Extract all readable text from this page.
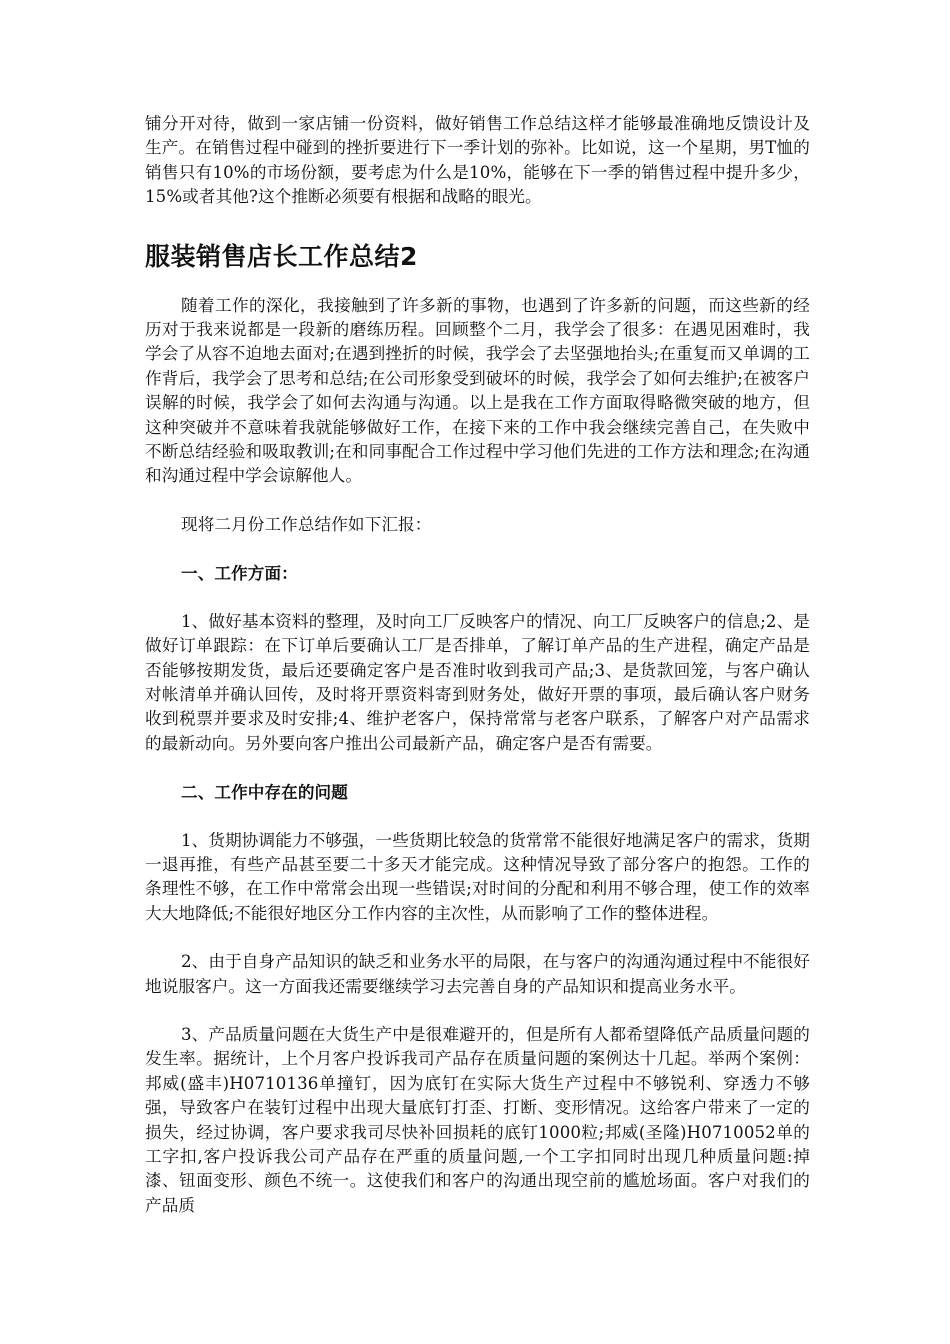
铺分开对待，做到一家店铺一份资料，做好销售工作总结这样才能够最准确地反馈设计及生产。在销售过程中碰到的挫折要进行下一季计划的弥补。比如说，这一个星期，男T恤的销售只有10%的市场份额，要考虑为什么是10%，能够在下一季的销售过程中提升多少，15%或者其他?这个推断必须要有根据和战略的眼光。

服装销售店长工作总结2

随着工作的深化，我接触到了许多新的事物，也遇到了许多新的问题，而这些新的经历对于我来说都是一段新的磨练历程。回顾整个二月，我学会了很多：在遇见困难时，我学会了从容不迫地去面对;在遇到挫折的时候，我学会了去坚强地抬头;在重复而又单调的工作背后，我学会了思考和总结;在公司形象受到破坏的时候，我学会了如何去维护;在被客户误解的时候，我学会了如何去沟通与沟通。以上是我在工作方面取得略微突破的地方，但这种突破并不意味着我就能够做好工作，在接下来的工作中我会继续完善自己，在失败中不断总结经验和吸取教训;在和同事配合工作过程中学习他们先进的工作方法和理念;在沟通和沟通过程中学会谅解他人。

现将二月份工作总结作如下汇报：

一、工作方面：

1、做好基本资料的整理，及时向工厂反映客户的情况、向工厂反映客户的信息;2、是做好订单跟踪：在下订单后要确认工厂是否排单，了解订单产品的生产进程，确定产品是否能够按期发货，最后还要确定客户是否准时收到我司产品;3、是货款回笼，与客户确认对帐清单并确认回传，及时将开票资料寄到财务处，做好开票的事项，最后确认客户财务收到税票并要求及时安排;4、维护老客户，保持常常与老客户联系，了解客户对产品需求的最新动向。另外要向客户推出公司最新产品，确定客户是否有需要。

二、工作中存在的问题

1、货期协调能力不够强，一些货期比较急的货常常不能很好地满足客户的需求，货期一退再推，有些产品甚至要二十多天才能完成。这种情况导致了部分客户的抱怨。工作的条理性不够，在工作中常常会出现一些错误;对时间的分配和利用不够合理，使工作的效率大大地降低;不能很好地区分工作内容的主次性，从而影响了工作的整体进程。

2、由于自身产品知识的缺乏和业务水平的局限，在与客户的沟通沟通过程中不能很好地说服客户。这一方面我还需要继续学习去完善自身的产品知识和提高业务水平。

3、产品质量问题在大货生产中是很难避开的，但是所有人都希望降低产品质量问题的发生率。据统计，上个月客户投诉我司产品存在质量问题的案例达十几起。举两个案例：邦威(盛丰)H0710136单撞钉，因为底钉在实际大货生产过程中不够锐利、穿透力不够强，导致客户在装钉过程中出现大量底钉打歪、打断、变形情况。这给客户带来了一定的损失，经过协调，客户要求我司尽快补回损耗的底钉1000粒;邦威(圣隆)H0710052单的工字扣,客户投诉我公司产品存在严重的质量问题,一个工字扣同时出现几种质量问题:掉漆、钮面变形、颜色不统一。这使我们和客户的沟通出现空前的尴尬场面。客户对我们的产品质
